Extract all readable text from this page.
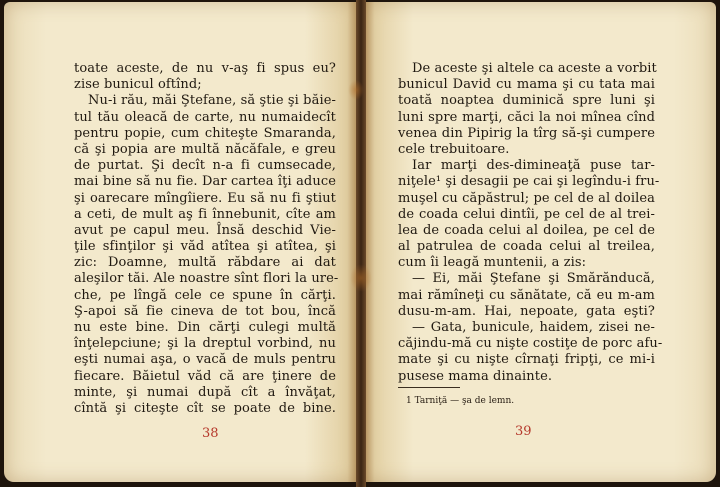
toate aceste, de nu v-aş fi spus eu?
zise bunicul oftînd;
Nu-i rău, măi Ştefane, să ştie şi băie-
tul tău oleacă de carte, nu numaidecît
pentru popie, cum chiteşte Smaranda,
că şi popia are multă năcăfale, e greu
de purtat. Şi decît n-a fi cumsecade,
mai bine să nu fie. Dar cartea îţi aduce
şi oarecare mîngîiere. Eu să nu fi ştiut
a ceti, de mult aş fi înnebunit, cîte am
avut pe capul meu. Însă deschid Vie-
ţile sfinţilor şi văd atîtea şi atîtea, şi
zic: Doamne, multă răbdare ai dat
aleşilor tăi. Ale noastre sînt flori la ure-
che, pe lîngă cele ce spune în cărţi.
Ş-apoi să fie cineva de tot bou, încă
nu este bine. Din cărţi culegi multă
înţelepciune; şi la dreptul vorbind, nu
eşti numai aşa, o vacă de muls pentru
fiecare. Băietul văd că are ţinere de
minte, şi numai după cît a învăţat,
cîntă şi citeşte cît se poate de bine.
38
De aceste şi altele ca aceste a vorbit
bunicul David cu mama şi cu tata mai
toată noaptea duminică spre luni şi
luni spre marţi, căci la noi mînea cînd
venea din Pipirig la tîrg să-şi cumpere
cele trebuitoare.
Iar marţi des-dimineaţă puse tar-
niţele¹ şi desagii pe cai şi legîndu-i fru-
muşel cu căpăstrul; pe cel de al doilea
de coada celui dintîi, pe cel de al trei-
lea de coada celui al doilea, pe cel de
al patrulea de coada celui al treilea,
cum îi leagă muntenii, a zis:
— Ei, măi Ştefane şi Smărănducă,
mai rămîneţi cu sănătate, că eu m-am
dusu-m-am. Hai, nepoate, gata eşti?
— Gata, bunicule, haidem, zisei ne-
căjindu-mă cu nişte costiţe de porc afu-
mate şi cu nişte cîrnaţi fripţi, ce mi-i
pusese mama dinainte.
1 Tarniţă — şa de lemn.
39
